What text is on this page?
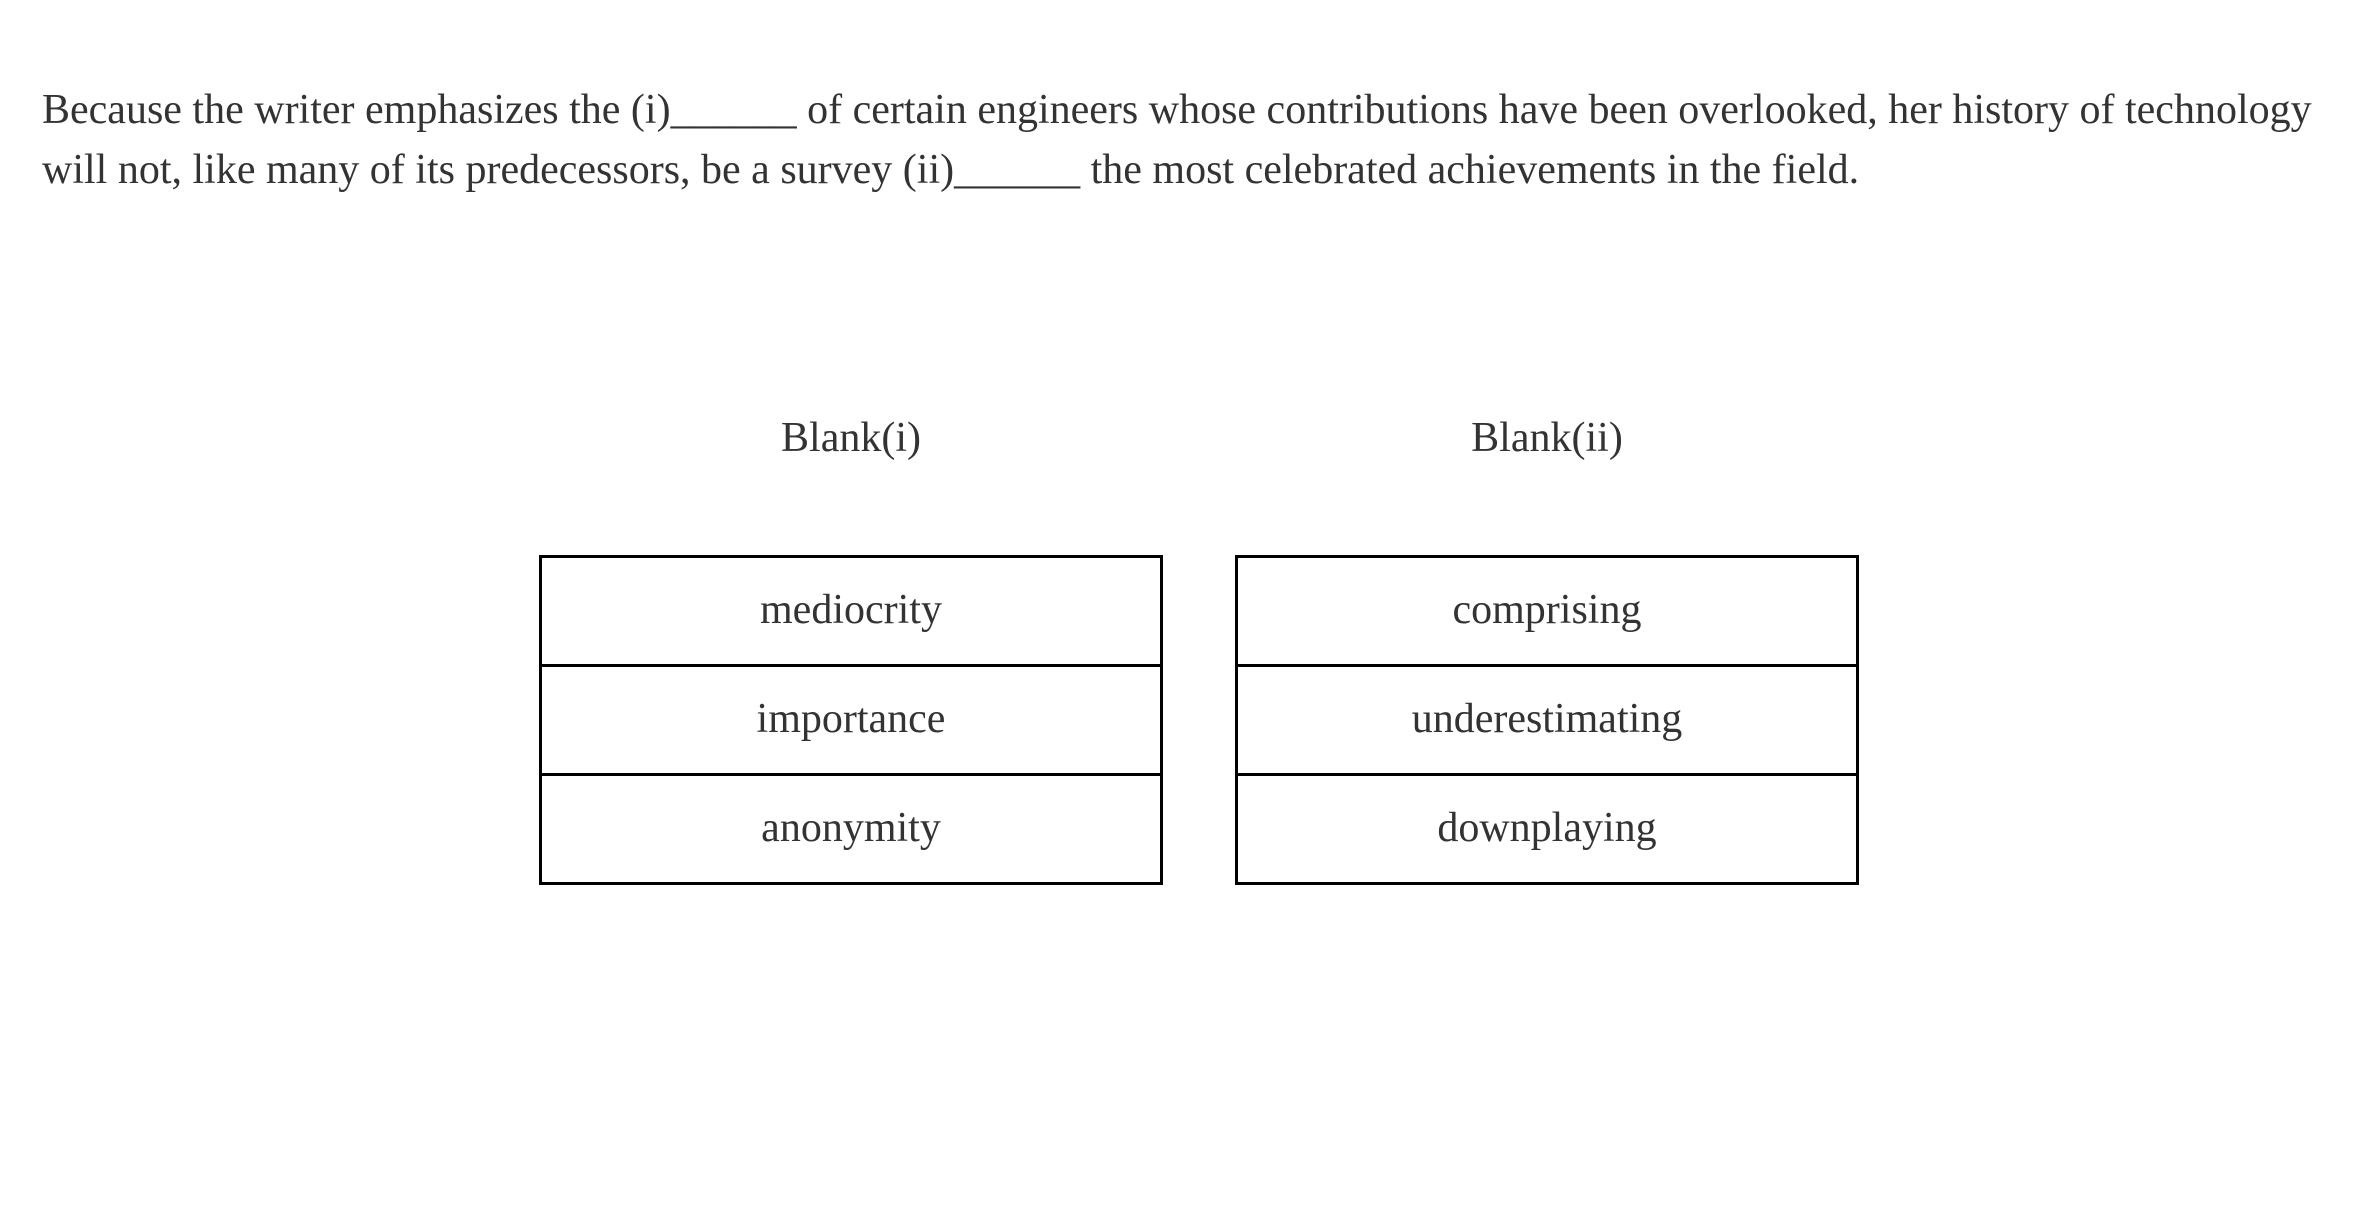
Because the writer emphasizes the (i)______ of certain engineers whose contributions have been overlooked, her history of technology will not, like many of its predecessors, be a survey (ii)______ the most celebrated achievements in the field.

Blank(i)
mediocrity
importance
anonymity
Blank(ii)
comprising
underestimating
downplaying
